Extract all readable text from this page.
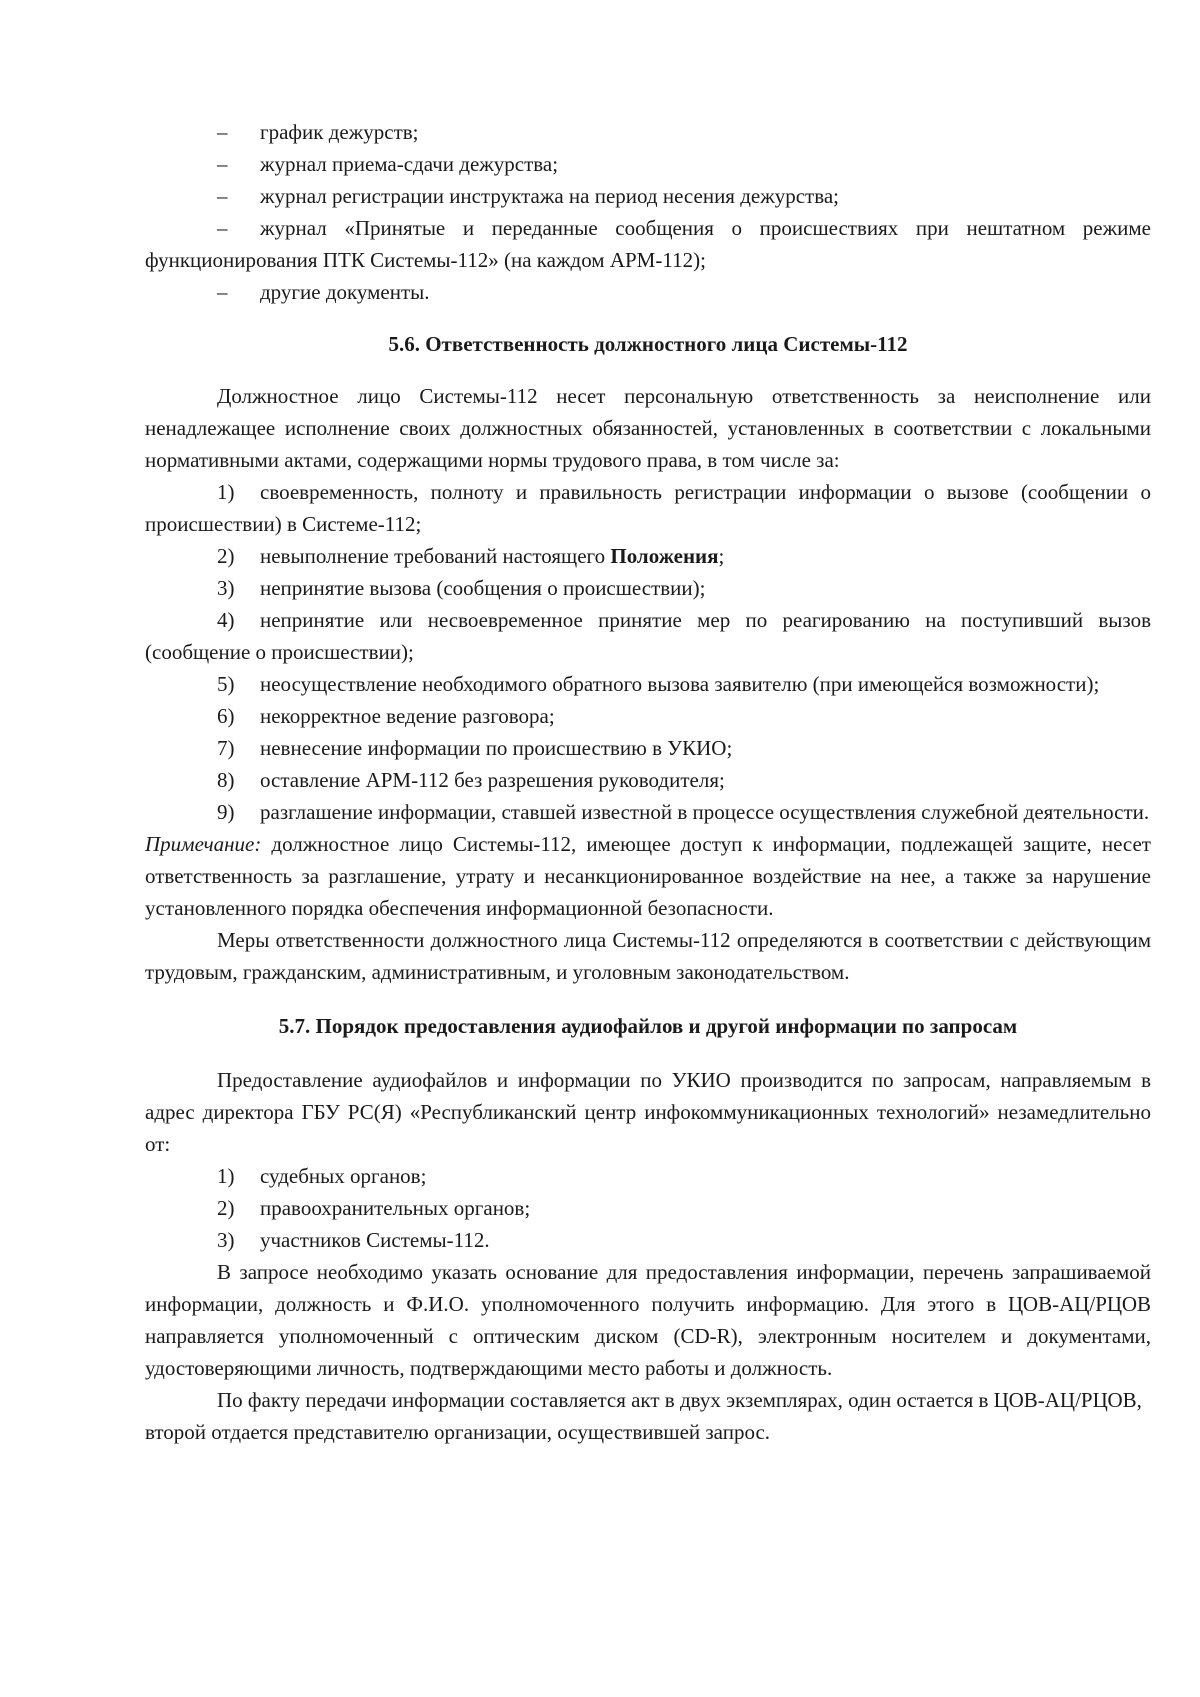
– график дежурств;

– журнал приема-сдачи дежурства;

– журнал регистрации инструктажа на период несения дежурства;

– журнал «Принятые и переданные сообщения о происшествиях при нештатном режиме функционирования ПТК Системы-112» (на каждом АРМ-112);

– другие документы.

5.6. Ответственность должностного лица Системы-112

Должностное лицо Системы-112 несет персональную ответственность за неисполнение или ненадлежащее исполнение своих должностных обязанностей, установленных в соответствии с локальными нормативными актами, содержащими нормы трудового права, в том числе за:

1) своевременность, полноту и правильность регистрации информации о вызове (сообщении о происшествии) в Системе-112;

2) невыполнение требований настоящего Положения;

3) непринятие вызова (сообщения о происшествии);

4) непринятие или несвоевременное принятие мер по реагированию на поступивший вызов (сообщение о происшествии);

5) неосуществление необходимого обратного вызова заявителю (при имеющейся возможности);

6) некорректное ведение разговора;

7) невнесение информации по происшествию в УКИО;

8) оставление АРМ-112 без разрешения руководителя;

9) разглашение информации, ставшей известной в процессе осуществления служебной деятельности.

Примечание: должностное лицо Системы-112, имеющее доступ к информации, подлежащей защите, несет ответственность за разглашение, утрату и несанкционированное воздействие на нее, а также за нарушение установленного порядка обеспечения информационной безопасности.

Меры ответственности должностного лица Системы-112 определяются в соответствии с действующим трудовым, гражданским, административным, и уголовным законодательством.

5.7. Порядок предоставления аудиофайлов и другой информации по запросам

Предоставление аудиофайлов и информации по УКИО производится по запросам, направляемым в адрес директора ГБУ РС(Я) «Республиканский центр инфокоммуникационных технологий» незамедлительно от:

1) судебных органов;

2) правоохранительных органов;

3) участников Системы-112.

В запросе необходимо указать основание для предоставления информации, перечень запрашиваемой информации, должность и Ф.И.О. уполномоченного получить информацию. Для этого в ЦОВ-АЦ/РЦОВ направляется уполномоченный с оптическим диском (CD-R), электронным носителем и документами, удостоверяющими личность, подтверждающими место работы и должность.

По факту передачи информации составляется акт в двух экземплярах, один остается в ЦОВ-АЦ/РЦОВ, второй отдается представителю организации, осуществившей запрос.
